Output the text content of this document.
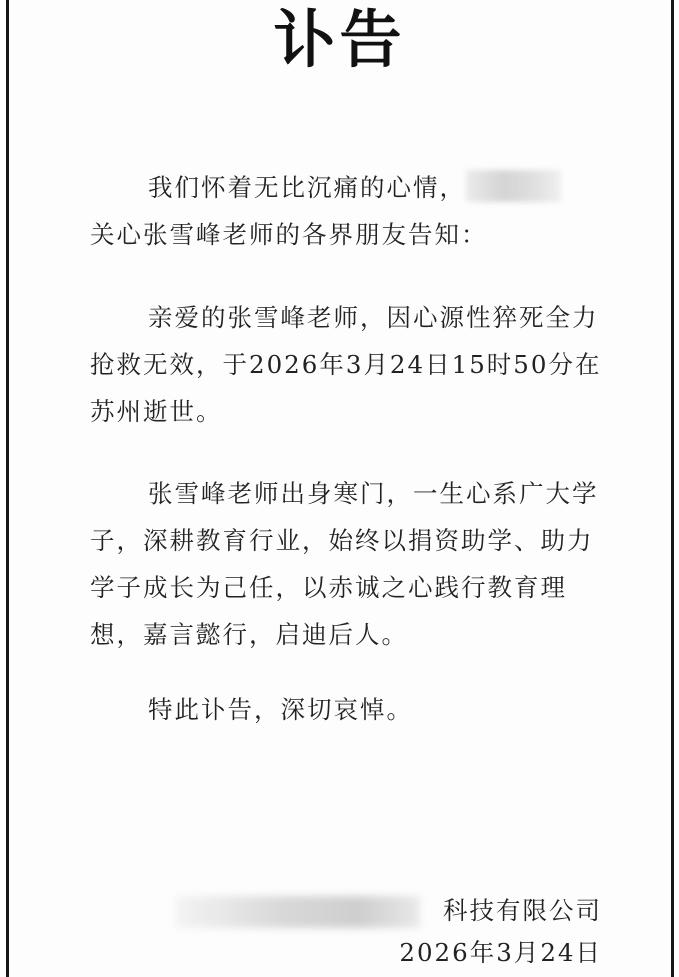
讣告

我们怀着无比沉痛的心情，

关心张雪峰老师的各界朋友告知：

亲爱的张雪峰老师，因心源性猝死全力抢救无效，于2026年3月24日15时50分在苏州逝世。

张雪峰老师出身寒门，一生心系广大学子，深耕教育行业，始终以捐资助学、助力学子成长为己任，以赤诚之心践行教育理想，嘉言懿行，启迪后人。

特此讣告，深切哀悼。

科技有限公司
2026年3月24日
